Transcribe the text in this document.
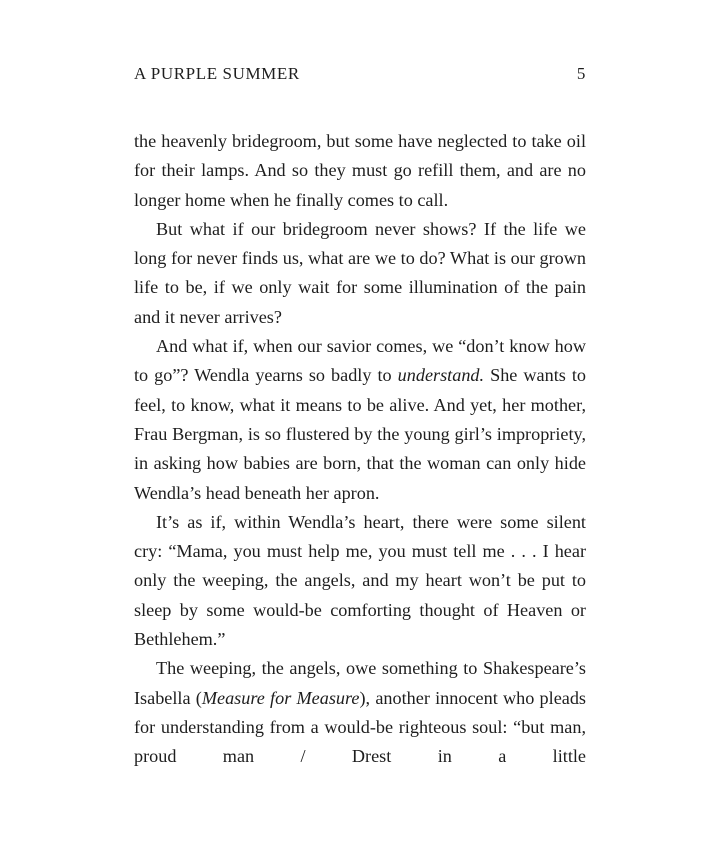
A PURPLE SUMMER	5

the heavenly bridegroom, but some have neglected to take oil for their lamps. And so they must go refill them, and are no longer home when he finally comes to call.

But what if our bridegroom never shows? If the life we long for never finds us, what are we to do? What is our grown life to be, if we only wait for some illumination of the pain and it never arrives?

And what if, when our savior comes, we “don’t know how to go”? Wendla yearns so badly to understand. She wants to feel, to know, what it means to be alive. And yet, her mother, Frau Bergman, is so flustered by the young girl’s impropriety, in asking how babies are born, that the woman can only hide Wendla’s head beneath her apron.

It’s as if, within Wendla’s heart, there were some silent cry: “Mama, you must help me, you must tell me . . . I hear only the weeping, the angels, and my heart won’t be put to sleep by some would-be comforting thought of Heaven or Bethlehem.”

The weeping, the angels, owe something to Shakespeare’s Isabella (Measure for Measure), another innocent who pleads for understanding from a would-be righteous soul: “but man, proud man / Drest in a little
